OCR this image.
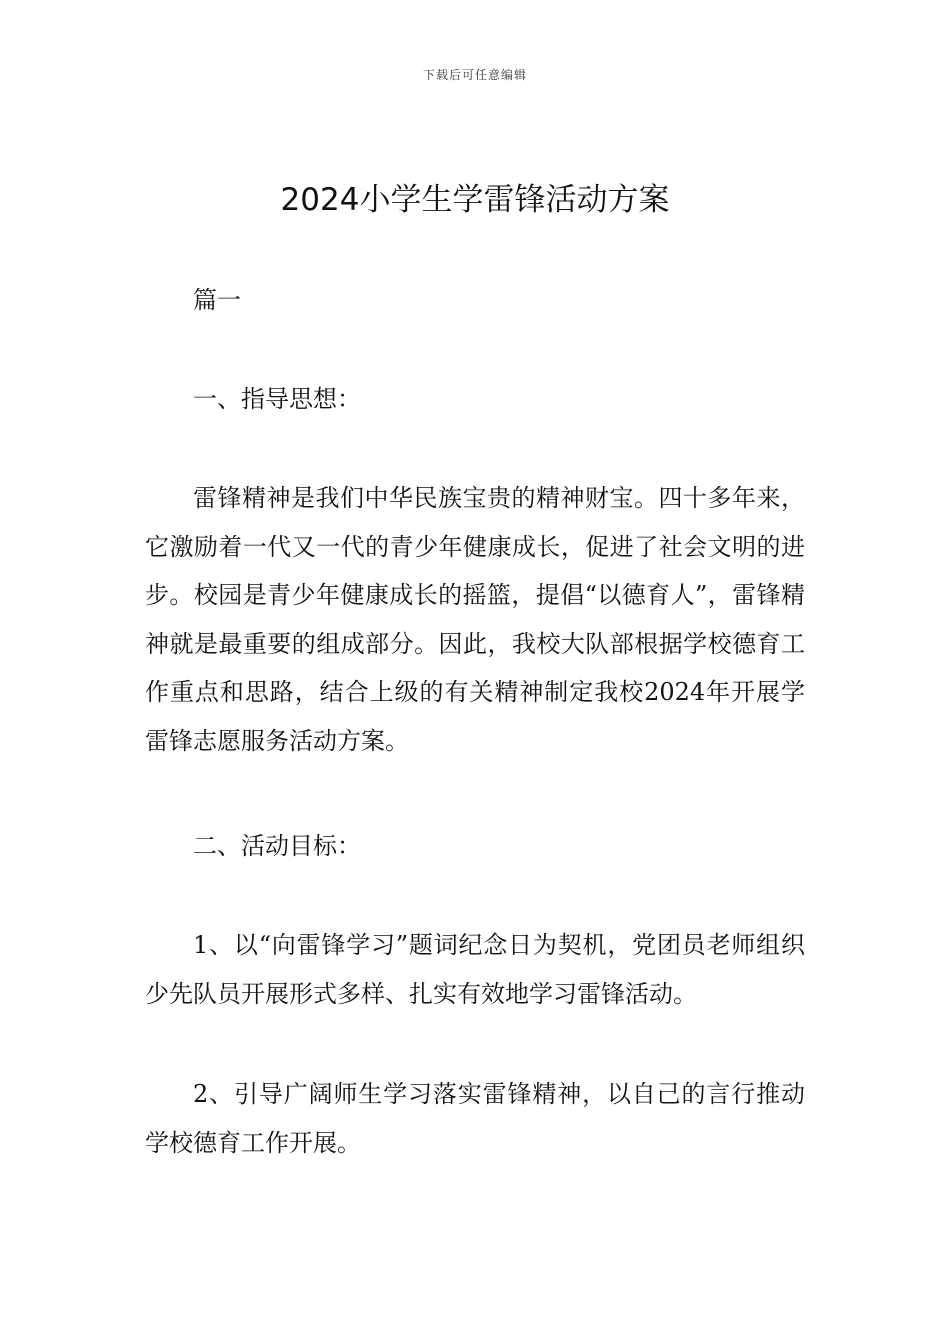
下载后可任意编辑
2024小学生学雷锋活动方案

篇一

一、指导思想：

雷锋精神是我们中华民族宝贵的精神财宝。四十多年来，它激励着一代又一代的青少年健康成长，促进了社会文明的进步。校园是青少年健康成长的摇篮，提倡“以德育人”，雷锋精神就是最重要的组成部分。因此，我校大队部根据学校德育工作重点和思路，结合上级的有关精神制定我校2024年开展学雷锋志愿服务活动方案。

二、活动目标：

1、以“向雷锋学习”题词纪念日为契机，党团员老师组织少先队员开展形式多样、扎实有效地学习雷锋活动。

2、引导广阔师生学习落实雷锋精神，以自己的言行推动学校德育工作开展。
